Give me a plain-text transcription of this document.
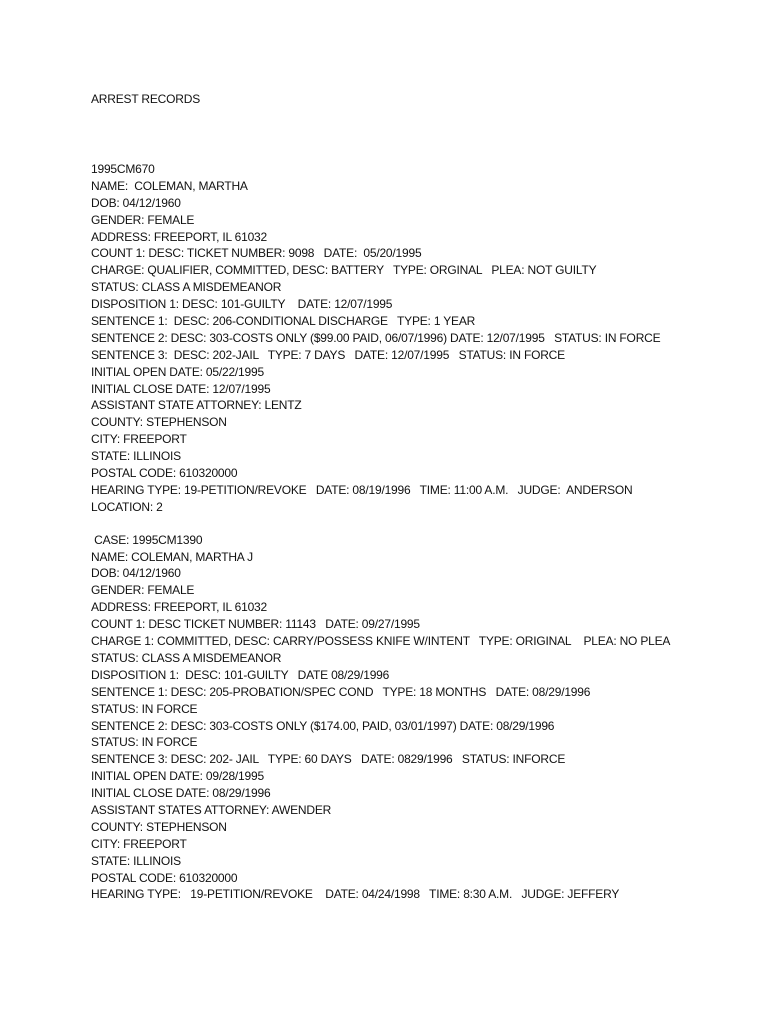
ARREST RECORDS
1995CM670
NAME:  COLEMAN, MARTHA
DOB: 04/12/1960
GENDER: FEMALE
ADDRESS: FREEPORT, IL 61032
COUNT 1: DESC: TICKET NUMBER: 9098   DATE:  05/20/1995
CHARGE: QUALIFIER, COMMITTED, DESC: BATTERY   TYPE: ORGINAL   PLEA: NOT GUILTY
STATUS: CLASS A MISDEMEANOR
DISPOSITION 1: DESC: 101-GUILTY    DATE: 12/07/1995
SENTENCE 1:  DESC: 206-CONDITIONAL DISCHARGE   TYPE: 1 YEAR
SENTENCE 2: DESC: 303-COSTS ONLY ($99.00 PAID, 06/07/1996) DATE: 12/07/1995   STATUS: IN FORCE
SENTENCE 3:  DESC: 202-JAIL   TYPE: 7 DAYS   DATE: 12/07/1995   STATUS: IN FORCE
INITIAL OPEN DATE: 05/22/1995
INITIAL CLOSE DATE: 12/07/1995
ASSISTANT STATE ATTORNEY: LENTZ
COUNTY: STEPHENSON
CITY: FREEPORT
STATE: ILLINOIS
POSTAL CODE: 610320000
HEARING TYPE: 19-PETITION/REVOKE   DATE: 08/19/1996   TIME: 11:00 A.M.   JUDGE:  ANDERSON
LOCATION: 2
CASE: 1995CM1390
NAME: COLEMAN, MARTHA J
DOB: 04/12/1960
GENDER: FEMALE
ADDRESS: FREEPORT, IL 61032
COUNT 1: DESC TICKET NUMBER: 11143   DATE: 09/27/1995
CHARGE 1: COMMITTED, DESC: CARRY/POSSESS KNIFE W/INTENT   TYPE: ORIGINAL    PLEA: NO PLEA
STATUS: CLASS A MISDEMEANOR
DISPOSITION 1:  DESC: 101-GUILTY   DATE 08/29/1996
SENTENCE 1: DESC: 205-PROBATION/SPEC COND   TYPE: 18 MONTHS   DATE: 08/29/1996
STATUS: IN FORCE
SENTENCE 2: DESC: 303-COSTS ONLY ($174.00, PAID, 03/01/1997) DATE: 08/29/1996
STATUS: IN FORCE
SENTENCE 3: DESC: 202- JAIL   TYPE: 60 DAYS   DATE: 0829/1996   STATUS: INFORCE
INITIAL OPEN DATE: 09/28/1995
INITIAL CLOSE DATE: 08/29/1996
ASSISTANT STATES ATTORNEY: AWENDER
COUNTY: STEPHENSON
CITY: FREEPORT
STATE: ILLINOIS
POSTAL CODE: 610320000
HEARING TYPE:   19-PETITION/REVOKE    DATE: 04/24/1998   TIME: 8:30 A.M.   JUDGE: JEFFERY
